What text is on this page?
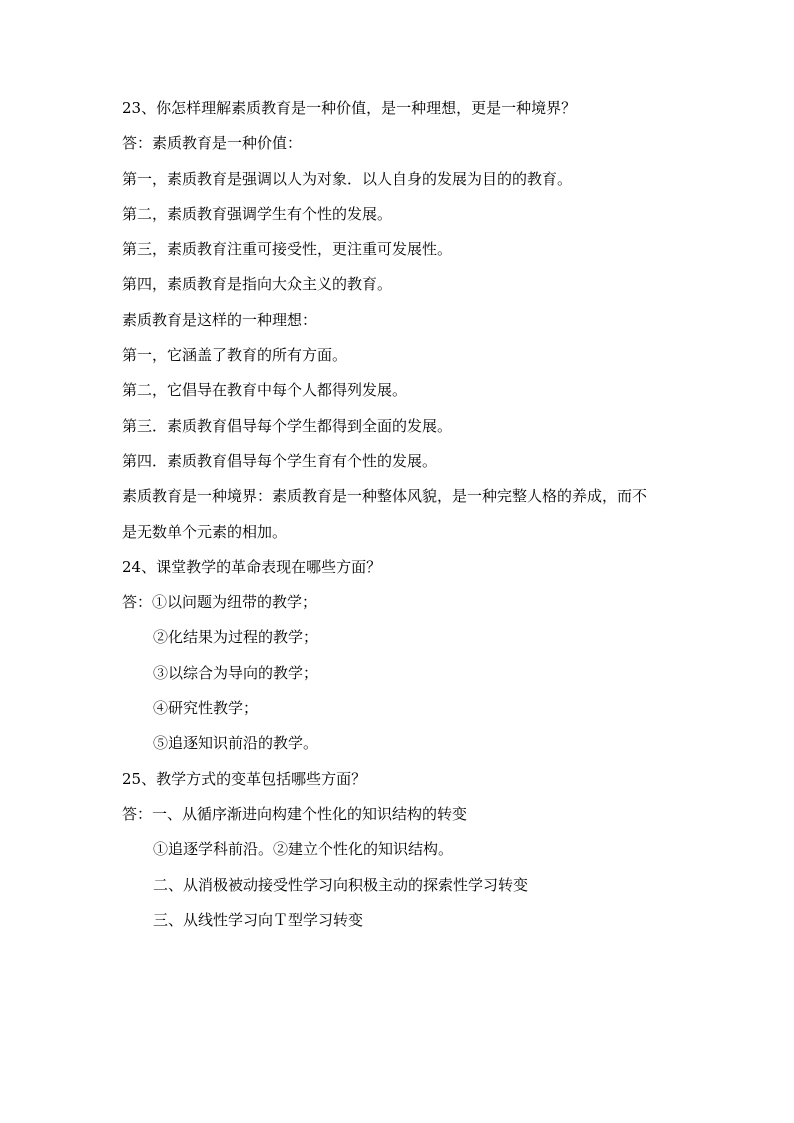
23、你怎样理解素质教育是一种价值，是一种理想，更是一种境界？
答：素质教育是一种价值：
第一，素质教育是强调以人为对象．以人自身的发展为目的的教育。
第二，素质教育强调学生有个性的发展。
第三，素质教育注重可接受性，更注重可发展性。
第四，素质教育是指向大众主义的教育。
素质教育是这样的一种理想：
第一，它涵盖了教育的所有方面。
第二，它倡导在教育中每个人都得列发展。
第三．素质教育倡导每个学生都得到全面的发展。
第四．素质教育倡导每个学生育有个性的发展。
素质教育是一种境界：素质教育是一种整体风貌，是一种完整人格的养成，而不
是无数单个元素的相加。
24、课堂教学的革命表现在哪些方面？
答：①以问题为纽带的教学；
②化结果为过程的教学；
③以综合为导向的教学；
④研究性教学；
⑤追逐知识前沿的教学。
25、教学方式的变革包括哪些方面？
答：一、从循序渐进向构建个性化的知识结构的转变
①追逐学科前沿。②建立个性化的知识结构。
二、从消极被动接受性学习向积极主动的探索性学习转变
三、从线性学习向Ｔ型学习转变
